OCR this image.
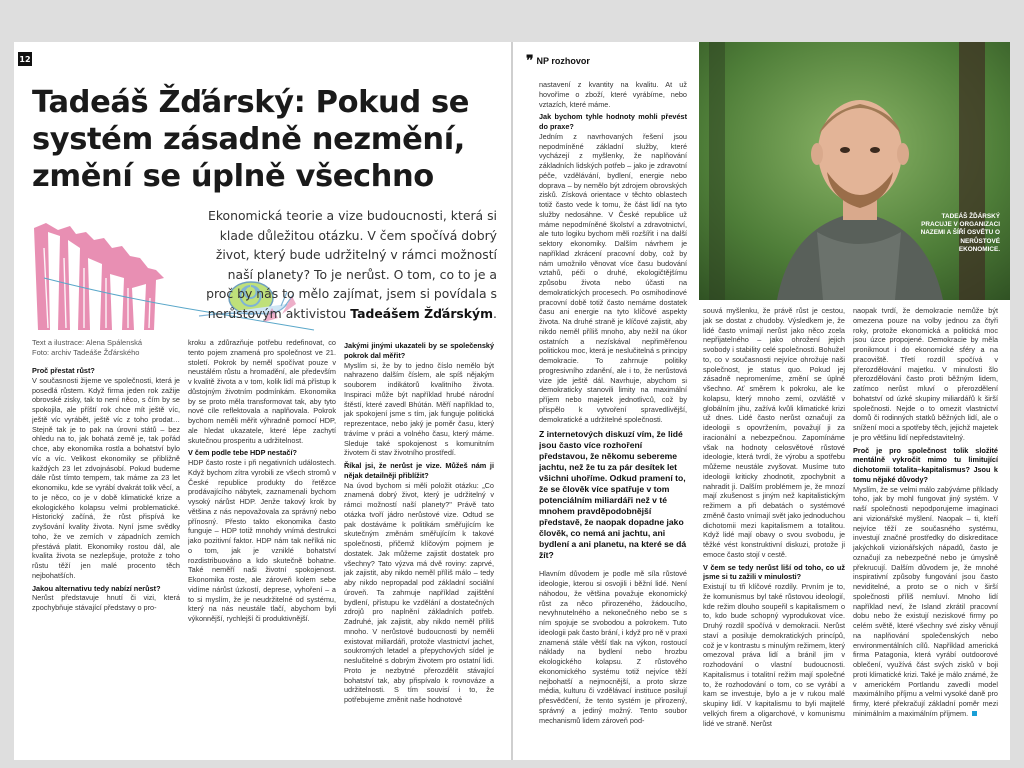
12
Tadeáš Žďárský: Pokud se systém zásadně nezmění, změní se úplně všechno

Ekonomická teorie a vize budoucnosti, která si klade důležitou otázku. V čem spočívá dobrý život, který bude udržitelný v rámci možností naší planety? To je nerůst. O tom, co to je a proč by nás to mělo zajímat, jsem si povídala s nerůstovým aktivistou Tadeášem Žďárským.

Text a ilustrace: Alena Spálenská
Foto: archiv Tadeáše Žďárského

Proč přestat růst?

V současnosti žijeme ve společnosti, která je posedlá růstem. Když firma jeden rok zažije obrovské zisky, tak to není něco, s čím by se spokojila, ale příští rok chce mít ještě víc, ještě víc vyrábět, ještě víc z toho prodat… Stejně tak je to pak na úrovni států – bez ohledu na to, jak bohatá země je, tak pořád chce, aby ekonomika rostla a bohatství bylo víc a víc. Velikost ekonomiky se přibližně každých 23 let zdvojnásobí. Pokud budeme dále růst tímto tempem, tak máme za 23 let ekonomiku, kde se vyrábí dvakrát tolik věcí, a to je něco, co je v době klimatické krize a ekologického kolapsu velmi problematické. Historický začíná, že růst přispívá ke zvyšování kvality života. Nyní jsme svědky toho, že ve zemích v západních zemích přestává platit. Ekonomiky rostou dál, ale kvalita života se nezlepšuje, protože z toho růstu těží jen malé procento těch nejbohatších.

Jakou alternativu tedy nabízí nerůst?

Nerůst představuje hnutí či vizi, která zpochybňuje stávající představy o pro-

kroku a zdůrazňuje potřebu redefinovat, co tento pojem znamená pro společnost ve 21. století. Pokrok by neměl spočívat pouze v neustálém růstu a hromadění, ale především v kvalitě života a v tom, kolik lidí má přístup k důstojným životním podmínkám. Ekonomika by se proto měla transformovat tak, aby tyto nové cíle reflektovala a naplňovala. Pokrok bychom neměli měřit výhradně pomocí HDP, ale hledat ukazatele, které lépe zachytí skutečnou prosperitu a udržitelnost.

V čem podle tebe HDP nestačí?

HDP často roste i při negativních událostech. Když bychom zítra vyrobili ze všech stromů v České republice produkty do řetězce prodávajícího nábytek, zaznamenali bychom vysoký nárůst HDP. Jenže takový krok by většina z nás nepovažovala za správný nebo přínosný. Přesto takto ekonomika často funguje – HDP totiž mnohdy vnímá destrukci jako pozitivní faktor. HDP nám tak neříká nic o tom, jak je vzniklé bohatství rozdistribuováno a kdo skutečně bohatne. Také neměří naši životní spokojenost. Ekonomika roste, ale zároveň kolem sebe vidíme nárůst úzkostí, deprese, vyhoření – a to si myslím, že je neudržitelné od systému, který na nás neustále tlačí, abychom byli výkonnější, rychlejší či produktivnější.

Jakými jinými ukazateli by se společenský pokrok dal měřit?

Myslím si, že by to jedno číslo nemělo být nahrazeno dalším číslem, ale spíš nějakým souborem indikátorů kvalitního života. Inspiraci může být například hrubé národní štěstí, které zavedl Bhútán. Měří například to, jak spokojení jsme s tím, jak funguje politická reprezentace, nebo jaký je poměr času, který trávíme v práci a volného času, který máme. Sleduje také spokojenost s komunitním životem či stav životního prostředí.

Říkal jsi, že nerůst je vize. Můžeš nám ji nějak detailněji přiblížit?

Na úvod bychom si měli položit otázku: „Co znamená dobrý život, který je udržitelný v rámci možností naší planety?" Právě tato otázka tvoří jádro nerůstové vize. Odtud se pak dostáváme k politikám směřujícím ke skutečným změnám směřujícím k takové společnosti, přičemž klíčovým pojmem je dostatek. Jak můžeme zajistit dostatek pro všechny? Tato výzva má dvě roviny: zaprvé, jak zajistit, aby nikdo neměl příliš málo – tedy aby nikdo nepropadal pod základní sociální úroveň. Ta zahrnuje například zajištění bydlení, přístupu ke vzdělání a dostatečných zdrojů pro naplnění základních potřeb. Zadruhé, jak zajistit, aby nikdo neměl příliš mnoho. V nerůstové budoucnosti by neměli existovat miliardáři, protože vlastnictví jachet, soukromých letadel a přepychových sídel je neslučitelné s dobrým životem pro ostatní lidi. Proto je nezbytné přerozdělit stávající bohatství tak, aby přispívalo k rovnováze a udržitelnosti. S tím souvisí i to, že potřebujeme změnit naše hodnotové

❞ NP rozhovor
TADEÁŠ ŽĎÁRSKÝ PRACUJE V ORGANIZACI NAZEMI A ŠÍŘÍ OSVĚTU O NERŮSTOVÉ EKONOMICE.

nastavení z kvantity na kvalitu. At už hovoříme o zboží, které vyrábíme, nebo vztazích, které máme.

Jak bychom tyhle hodnoty mohli převést do praxe?

Jedním z navrhovaných řešení jsou nepodmíněné základní služby, které vycházejí z myšlenky, že naplňování základních lidských potřeb – jako je zdravotní péče, vzdělávání, bydlení, energie nebo doprava – by nemělo být zdrojem obrovských zisků. Získová orientace v těchto oblastech totiž často vede k tomu, že část lidí na tyto služby nedosáhne. V České republice už máme nepodmíněné školství a zdravotnictví, ale tuto logiku bychom měli rozšířit i na další sektory ekonomiky. Dalším návrhem je například zkrácení pracovní doby, což by nám umožnilo věnovat více času budování vztahů, péči o druhé, ekologičtějšímu způsobu života nebo účasti na demokratických procesech. Po osmihodinové pracovní době totiž často nemáme dostatek času ani energie na tyto klíčové aspekty života. Na druhé straně je klíčové zajistit, aby nikdo neměl příliš mnoho, aby nežil na úkor ostatních a nezískával nepřiměřenou politickou moc, která je neslučitelná s principy demokracie. To zahrnuje politiky progresivního zdanění, ale i to, že nerůstová vize jde ještě dál. Navrhuje, abychom si demokraticky stanovili limity na maximální příjem nebo majetek jednotlivců, což by přispělo k vytvoření spravedlivější, demokratické a udržitelné společnosti.

Z internetových diskuzí vím, že lidé jsou často více rozhoření představou, že někomu sebereme jachtu, než že tu za pár desítek let všichni uhoříme. Odkud pramení to, že se člověk více spatřuje v tom potenciálním miliardáři než v té mnohem pravděpodobnější představě, že naopak dopadne jako člověk, co nemá ani jachtu, ani bydlení a ani planetu, na které se dá žít?

Hlavním důvodem je podle mě síla růstové ideologie, kterou si osvojili i běžní lidé. Není náhodou, že většina považuje ekonomický růst za něco přirozeného, žádoucího, nevyhnutelného a nekonečného nebo se s ním spojuje se svobodou a pokrokem. Tuto ideologii pak často brání, i když pro ně v praxi znamená stále větší tlak na výkon, rostoucí náklady na bydlení nebo hrozbu ekologického kolapsu. Z růstového ekonomického systému totiž nejvíce těží nejbohatší a nejmocnější, a proto skrze média, kulturu či vzdělávací instituce posilují přesvědčení, že tento systém je přirozený, správný a jediný možný. Tento soubor mechanismů lidem zároveň pod-

souvá myšlenku, že právě růst je cestou, jak se dostat z chudoby. Výsledkem je, že lidé často vnímají nerůst jako něco zcela nepřijatelného – jako ohrožení jejich svobody i stability celé společnosti. Bohužel to, co v současnosti nejvíce ohrožuje naši společnost, je status quo. Pokud jej zásadně nepromeníme, změní se úplně všechno. Ať směrem k pokroku, ale ke kolapsu, který mnoho zemí, ozvláště v globálním jihu, zažívá kvůli klimatické krizi už dnes. Lidé často nerůst označují za ideologii s opovržením, považují ji za iracionální a nebezpečnou. Zapomínáme však na hodnoty celosvětové růstové ideologie, která tvrdí, že výrobu a spotřebu můžeme neustále zvyšovat. Musíme tuto ideologii kriticky zhodnotit, zpochybnit a nahradit ji. Dalším problémem je, že mnozí mají zkušenost s jiným než kapitalistickým režimem a při debatách o systémové změně často vnímají svět jako jednoduchou dichotomii mezi kapitalismem a totalitou. Když lidé mají obavy o svou svobodu, je těžké vést konstruktivní diskuzi, protože ji emoce často stojí v cestě.

V čem se tedy nerůst liší od toho, co už jsme si tu zažili v minulosti?

Existují tu tři klíčové rozdíly. Prvním je to, že komunismus byl také růstovou ideologií, kde režim dlouho soupeřil s kapitalismem o to, kdo bude schopný vyprodukovat více. Druhý rozdíl spočívá v demokracii. Nerůst staví a posiluje demokratických princípů, což je v kontrastu s minulým režimem, který omezoval práva lidí a bránil jim v rozhodování o vlastní budoucnosti. Kapitalismus i totalitní režim mají společné to, že rozhodování o tom, co se vyrábí a kam se investuje, bylo a je v rukou malé skupiny lidí. V kapitalismu to byli majitelé velkých firem a oligarchové, v komunismu lidé ve straně. Nerůst

naopak tvrdí, že demokracie nemůže být omezena pouze na volby jednou za čtyři roky, protože ekonomická a politická moc jsou úzce propojené. Demokracie by měla pronikmout i do ekonomické sféry a na pracoviště. Třetí rozdíl spočívá v přerozdělování majetku. V minulosti šlo přerozdělování často proti běžným lidem, zatímco nerůst mluví o přerozdělení bohatství od úzké skupiny miliardářů k širší společnosti. Nejde o to omezit vlastnictví domů či rodinných statků běžných lidí, ale o snížení moci a spotřeby těch, jejichž majetek je pro většinu lidí nepředstavitelný.

Proč je pro společnost tolik složité mentálně vykročit mimo tu limitující dichotomii totalita–kapitalismus? Jsou k tomu nějaké důvody?

Myslím, že se velmi málo zabýváme příklady toho, jak by mohl fungovat jiný systém. V naší společnosti nepodporujeme imaginaci ani vizionářské myšlení. Naopak – ti, kteří nejvíce těží ze současného systému, investují značné prostředky do diskreditace jakýchkoli vizionářských nápadů, často je označují za nebezpečné nebo je úmyslně překrucují. Dalším důvodem je, že mnohé inspirativní způsoby fungování jsou často neviditelné, a proto se o nich v širší společnosti příliš nemluví. Mnoho lidí například neví, že Island zkrátil pracovní dobu nebo že existují neziskové firmy po celém světě, které všechny své zisky věnují na naplňování společenských nebo environmentálních cílů. Například americká firma Patagonia, která vyrábí outdoorové oblečení, využívá část svých zisků v boji proti klimatické krizi. Také je málo známé, že v americkém Portlandu zavedli model maximálního příjmu a velmi vysoké daně pro firmy, které překračují základní poměr mezi minimálním a maximálním příjmem.
